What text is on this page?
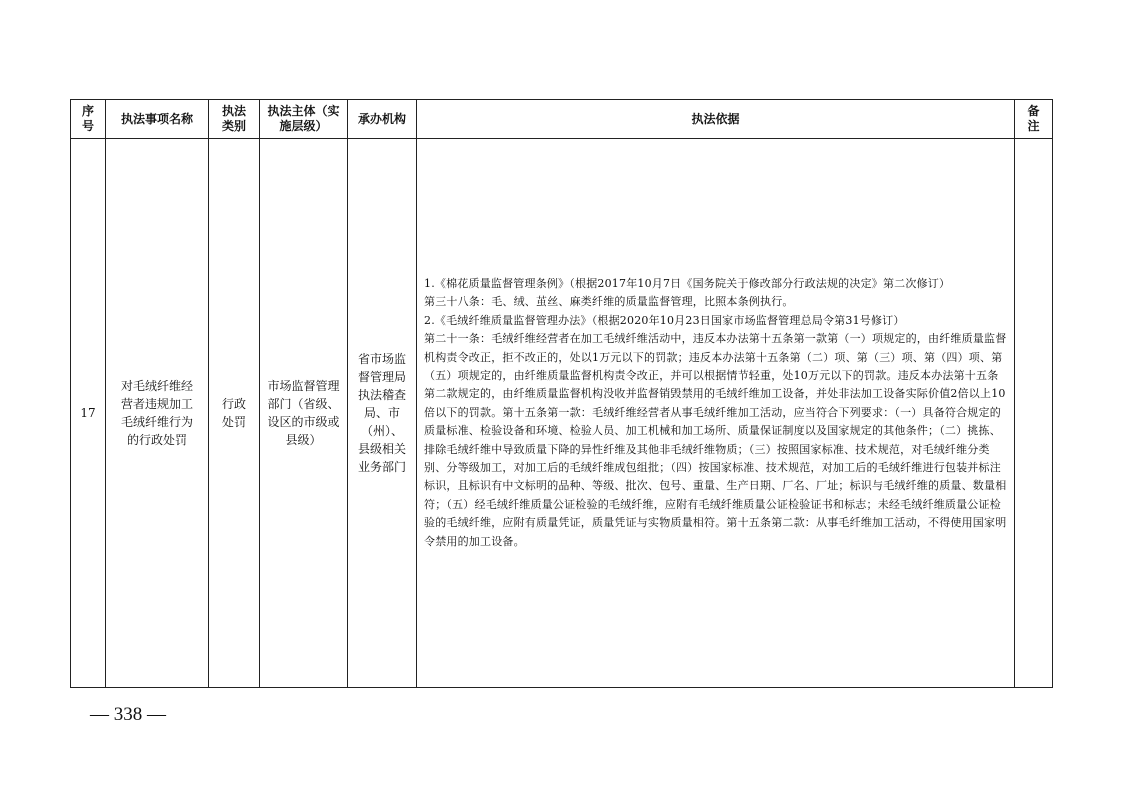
序号	执法事项名称	执法类别	执法主体（实施层级）	承办机构	执法依据	备注

17	对毛绒纤维经营者违规加工毛绒纤维行为的行政处罚	行政处罚	市场监督管理部门（省级、设区的市级或县级）	省市场监督管理局执法稽查局、市（州）、县级相关业务部门	1.《棉花质量监督管理条例》（根据2017年10月7日《国务院关于修改部分行政法规的决定》第二次修订）

第三十八条：毛、绒、茧丝、麻类纤维的质量监督管理，比照本条例执行。

2.《毛绒纤维质量监督管理办法》（根据2020年10月23日国家市场监督管理总局令第31号修订）

第二十一条：毛绒纤维经营者在加工毛绒纤维活动中，违反本办法第十五条第一款第（一）项规定的，由纤维质量监督机构责令改正，拒不改正的，处以1万元以下的罚款；违反本办法第十五条第（二）项、第（三）项、第（四）项、第（五）项规定的，由纤维质量监督机构责令改正，并可以根据情节轻重，处10万元以下的罚款。违反本办法第十五条第二款规定的，由纤维质量监督机构没收并监督销毁禁用的毛绒纤维加工设备，并处非法加工设备实际价值2倍以上10倍以下的罚款。第十五条第一款：毛绒纤维经营者从事毛绒纤维加工活动，应当符合下列要求：（一）具备符合规定的质量标准、检验设备和环境、检验人员、加工机械和加工场所、质量保证制度以及国家规定的其他条件；（二）挑拣、排除毛绒纤维中导致质量下降的异性纤维及其他非毛绒纤维物质；（三）按照国家标准、技术规范，对毛绒纤维分类别、分等级加工，对加工后的毛绒纤维成包组批；（四）按国家标准、技术规范，对加工后的毛绒纤维进行包装并标注标识，且标识有中文标明的品种、等级、批次、包号、重量、生产日期、厂名、厂址；标识与毛绒纤维的质量、数量相符；（五）经毛绒纤维质量公证检验的毛绒纤维，应附有毛绒纤维质量公证检验证书和标志；未经毛绒纤维质量公证检验的毛绒纤维，应附有质量凭证，质量凭证与实物质量相符。第十五条第二款：从事毛纤维加工活动，不得使用国家明令禁用的加工设备。	

— 338 —
